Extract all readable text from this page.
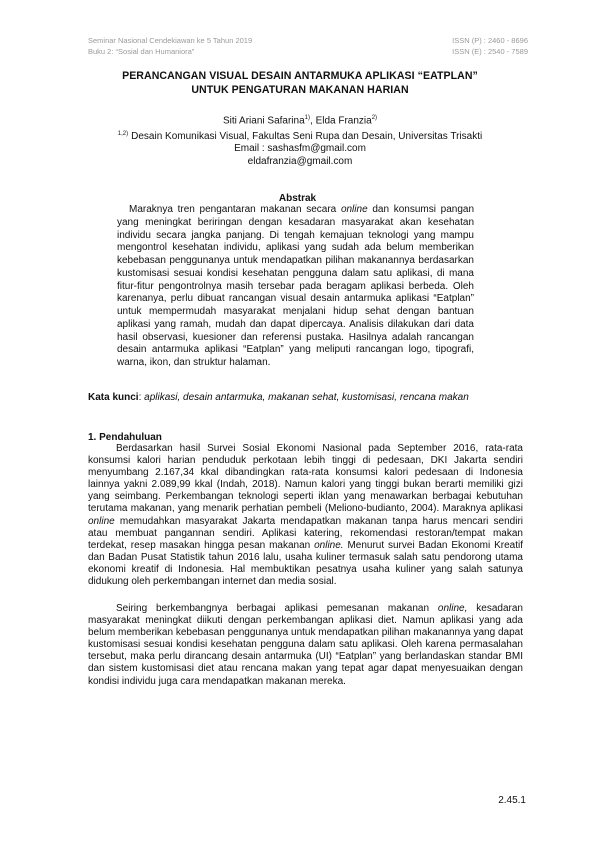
Seminar Nasional Cendekiawan ke 5 Tahun 2019
Buku 2: “Sosial dan Humaniora”
ISSN (P) : 2460 - 8696
ISSN (E) : 2540 - 7589
PERANCANGAN VISUAL DESAIN ANTARMUKA APLIKASI “EATPLAN”
UNTUK PENGATURAN MAKANAN HARIAN
Siti Ariani Safarina$^{1)}$, Elda Franzia$^{2)}$
$^{1,2)}$ Desain Komunikasi Visual, Fakultas Seni Rupa dan Desain, Universitas Trisakti
Email : sashasfm@gmail.com
eldafranzia@gmail.com
Abstrak
Maraknya tren pengantaran makanan secara online dan konsumsi pangan yang meningkat beriringan dengan kesadaran masyarakat akan kesehatan individu secara jangka panjang. Di tengah kemajuan teknologi yang mampu mengontrol kesehatan individu, aplikasi yang sudah ada belum memberikan kebebasan penggunanya untuk mendapatkan pilihan makanannya berdasarkan kustomisasi sesuai kondisi kesehatan pengguna dalam satu aplikasi, di mana fitur-fitur pengontrolnya masih tersebar pada beragam aplikasi berbeda. Oleh karenanya, perlu dibuat rancangan visual desain antarmuka aplikasi “Eatplan” untuk mempermudah masyarakat menjalani hidup sehat dengan bantuan aplikasi yang ramah, mudah dan dapat dipercaya. Analisis dilakukan dari data hasil observasi, kuesioner dan referensi pustaka. Hasilnya adalah rancangan desain antarmuka aplikasi “Eatplan” yang meliputi rancangan logo, tipografi, warna, ikon, dan struktur halaman.
Kata kunci: aplikasi, desain antarmuka, makanan sehat, kustomisasi, rencana makan
1. Pendahuluan
Berdasarkan hasil Survei Sosial Ekonomi Nasional pada September 2016, rata-rata konsumsi kalori harian penduduk perkotaan lebih tinggi di pedesaan, DKI Jakarta sendiri menyumbang 2.167,34 kkal dibandingkan rata-rata konsumsi kalori pedesaan di Indonesia lainnya yakni 2.089,99 kkal (Indah, 2018). Namun kalori yang tinggi bukan berarti memiliki gizi yang seimbang. Perkembangan teknologi seperti iklan yang menawarkan berbagai kebutuhan terutama makanan, yang menarik perhatian pembeli (Meliono-budianto, 2004). Maraknya aplikasi online memudahkan masyarakat Jakarta mendapatkan makanan tanpa harus mencari sendiri atau membuat pangannan sendiri. Aplikasi katering, rekomendasi restoran/tempat makan terdekat, resep masakan hingga pesan makanan online. Menurut survei Badan Ekonomi Kreatif dan Badan Pusat Statistik tahun 2016 lalu, usaha kuliner termasuk salah satu pendorong utama ekonomi kreatif di Indonesia. Hal membuktikan pesatnya usaha kuliner yang salah satunya didukung oleh perkembangan internet dan media sosial.
Seiring berkembangnya berbagai aplikasi pemesanan makanan online, kesadaran masyarakat meningkat diikuti dengan perkembangan aplikasi diet. Namun aplikasi yang ada belum memberikan kebebasan penggunanya untuk mendapatkan pilihan makanannya yang dapat kustomisasi sesuai kondisi kesehatan pengguna dalam satu aplikasi. Oleh karena permasalahan tersebut, maka perlu dirancang desain antarmuka (UI) “Eatplan” yang berlandaskan standar BMI dan sistem kustomisasi diet atau rencana makan yang tepat agar dapat menyesuaikan dengan kondisi individu juga cara mendapatkan makanan mereka.
2.45.1
